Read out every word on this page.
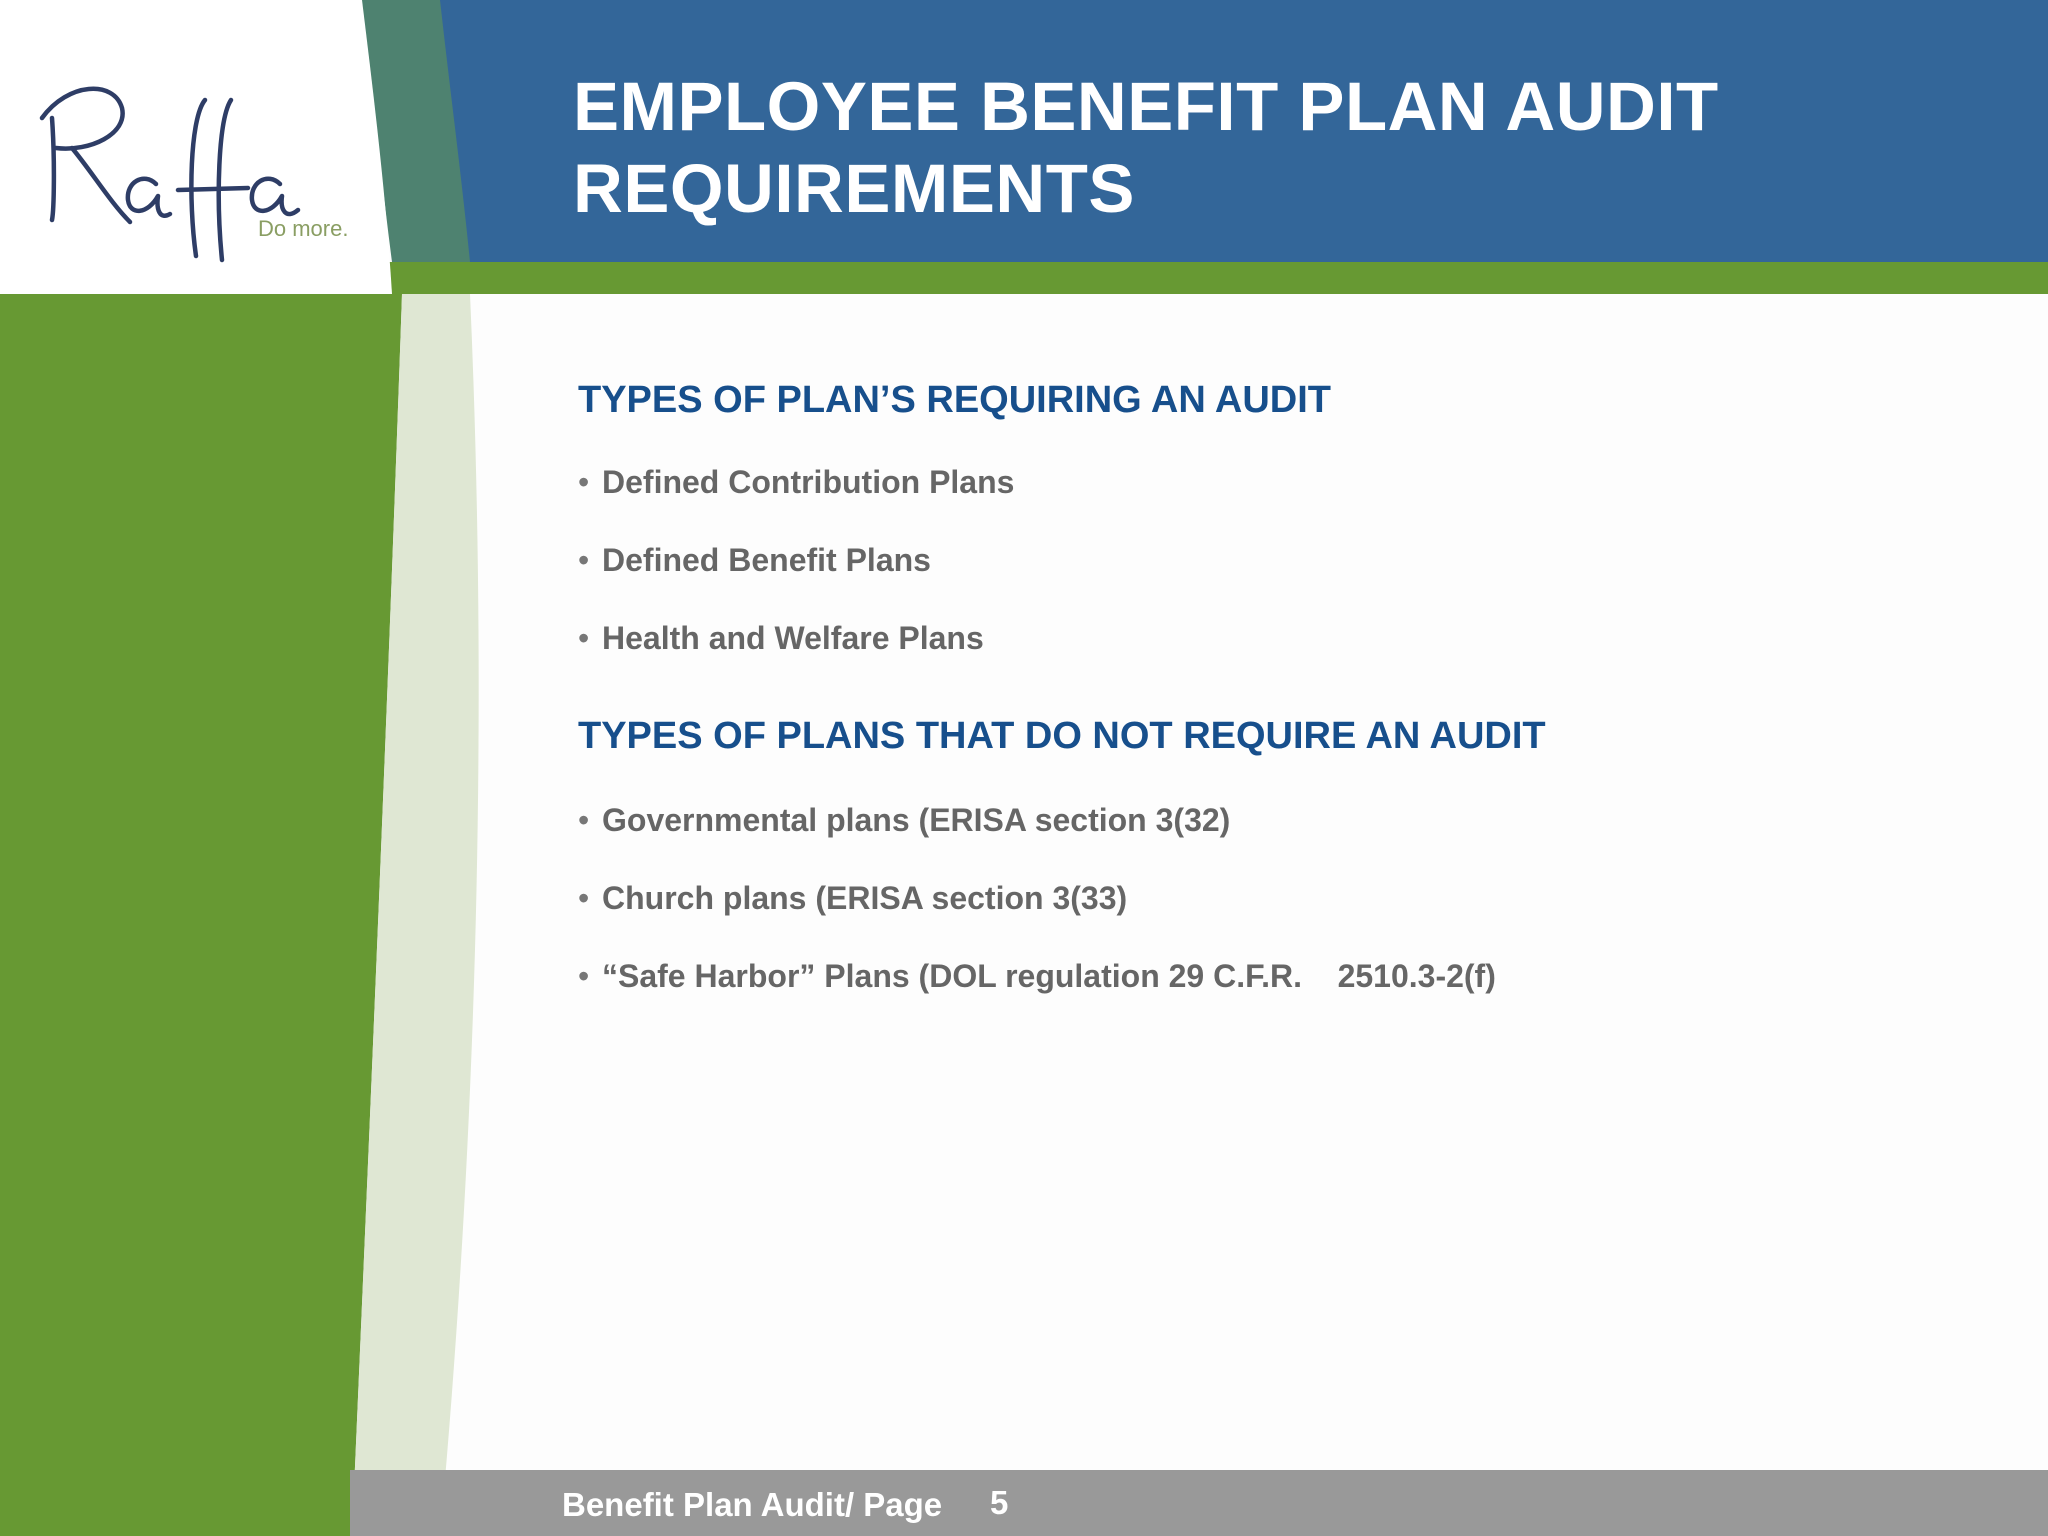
Do more.
EMPLOYEE BENEFIT PLAN AUDIT REQUIREMENTS
TYPES OF PLAN’S REQUIRING AN AUDIT
• Defined Contribution Plans
• Defined Benefit Plans
• Health and Welfare Plans
TYPES OF PLANS THAT DO NOT REQUIRE AN AUDIT
• Governmental plans (ERISA section 3(32)
• Church plans (ERISA section 3(33)
• “Safe Harbor” Plans (DOL regulation 29 C.F.R.    2510.3-2(f)
Benefit Plan Audit/ Page 5
